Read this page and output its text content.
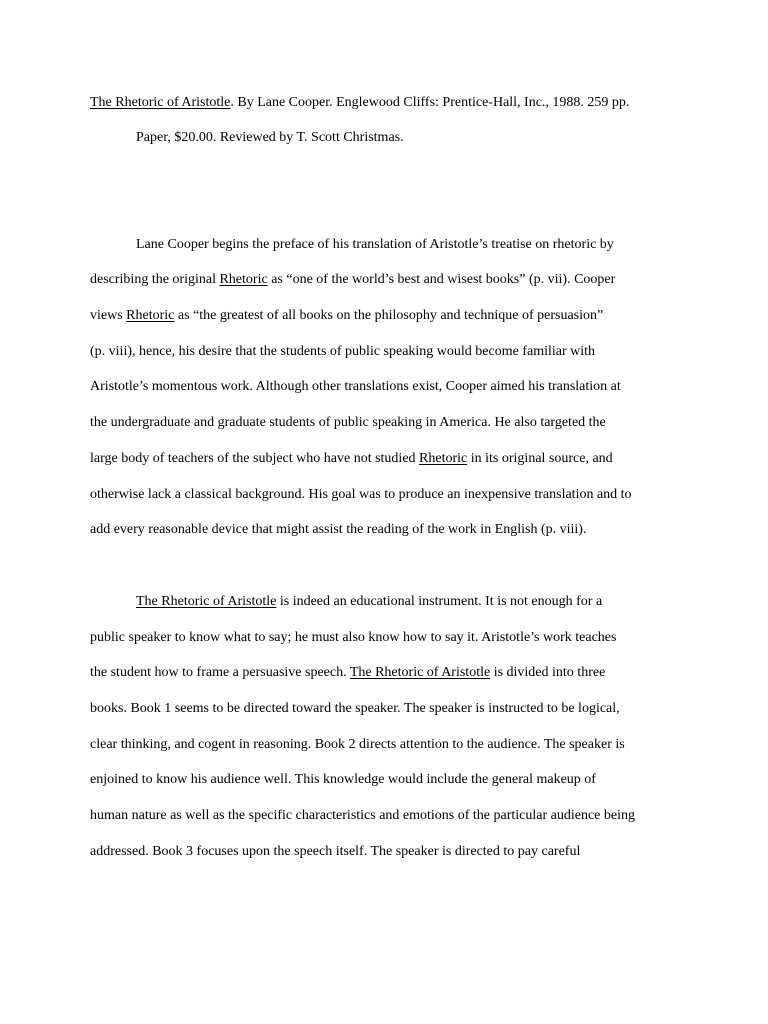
The Rhetoric of Aristotle. By Lane Cooper. Englewood Cliffs: Prentice-Hall, Inc., 1988. 259 pp.
Paper, $20.00. Reviewed by T. Scott Christmas.
Lane Cooper begins the preface of his translation of Aristotle’s treatise on rhetoric by
describing the original Rhetoric as “one of the world’s best and wisest books” (p. vii). Cooper
views Rhetoric as “the greatest of all books on the philosophy and technique of persuasion”
(p. viii), hence, his desire that the students of public speaking would become familiar with
Aristotle’s momentous work. Although other translations exist, Cooper aimed his translation at
the undergraduate and graduate students of public speaking in America. He also targeted the
large body of teachers of the subject who have not studied Rhetoric in its original source, and
otherwise lack a classical background. His goal was to produce an inexpensive translation and to
add every reasonable device that might assist the reading of the work in English (p. viii).
The Rhetoric of Aristotle is indeed an educational instrument. It is not enough for a
public speaker to know what to say; he must also know how to say it. Aristotle’s work teaches
the student how to frame a persuasive speech. The Rhetoric of Aristotle is divided into three
books. Book 1 seems to be directed toward the speaker. The speaker is instructed to be logical,
clear thinking, and cogent in reasoning. Book 2 directs attention to the audience. The speaker is
enjoined to know his audience well. This knowledge would include the general makeup of
human nature as well as the specific characteristics and emotions of the particular audience being
addressed. Book 3 focuses upon the speech itself. The speaker is directed to pay careful
